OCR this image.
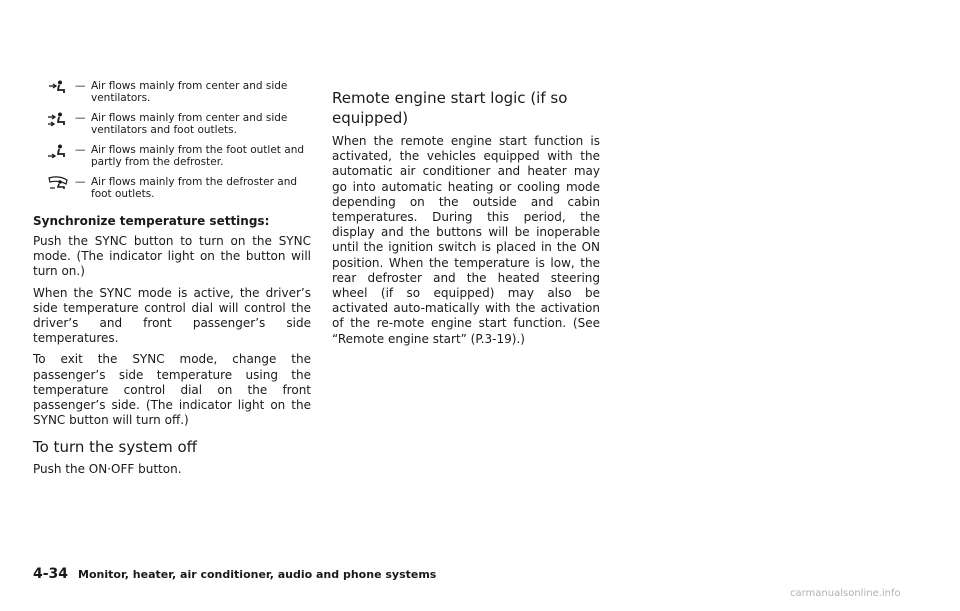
— Air flows mainly from center and side ventilators.
— Air flows mainly from center and side ventilators and foot outlets.
— Air flows mainly from the foot outlet and partly from the defroster.
— Air flows mainly from the defroster and foot outlets.
Synchronize temperature settings:

Push the SYNC button to turn on the SYNC mode. (The indicator light on the button will turn on.)

When the SYNC mode is active, the driver’s side temperature control dial will control the driver’s and front passenger’s side temperatures.

To exit the SYNC mode, change the passenger’s side temperature using the temperature control dial on the front passenger’s side. (The indicator light on the SYNC button will turn off.)

To turn the system off

Push the ON·OFF button.

Remote engine start logic (if so equipped)

When the remote engine start function is activated, the vehicles equipped with the automatic air conditioner and heater may go into automatic heating or cooling mode depending on the outside and cabin temperatures. During this period, the display and the buttons will be inoperable until the ignition switch is placed in the ON position. When the temperature is low, the rear defroster and the heated steering wheel (if so equipped) may also be activated auto-matically with the activation of the re-mote engine start function. (See “Remote engine start” (P.3-19).)

4-34 Monitor, heater, air conditioner, audio and phone systems
carmanualsonline.info
